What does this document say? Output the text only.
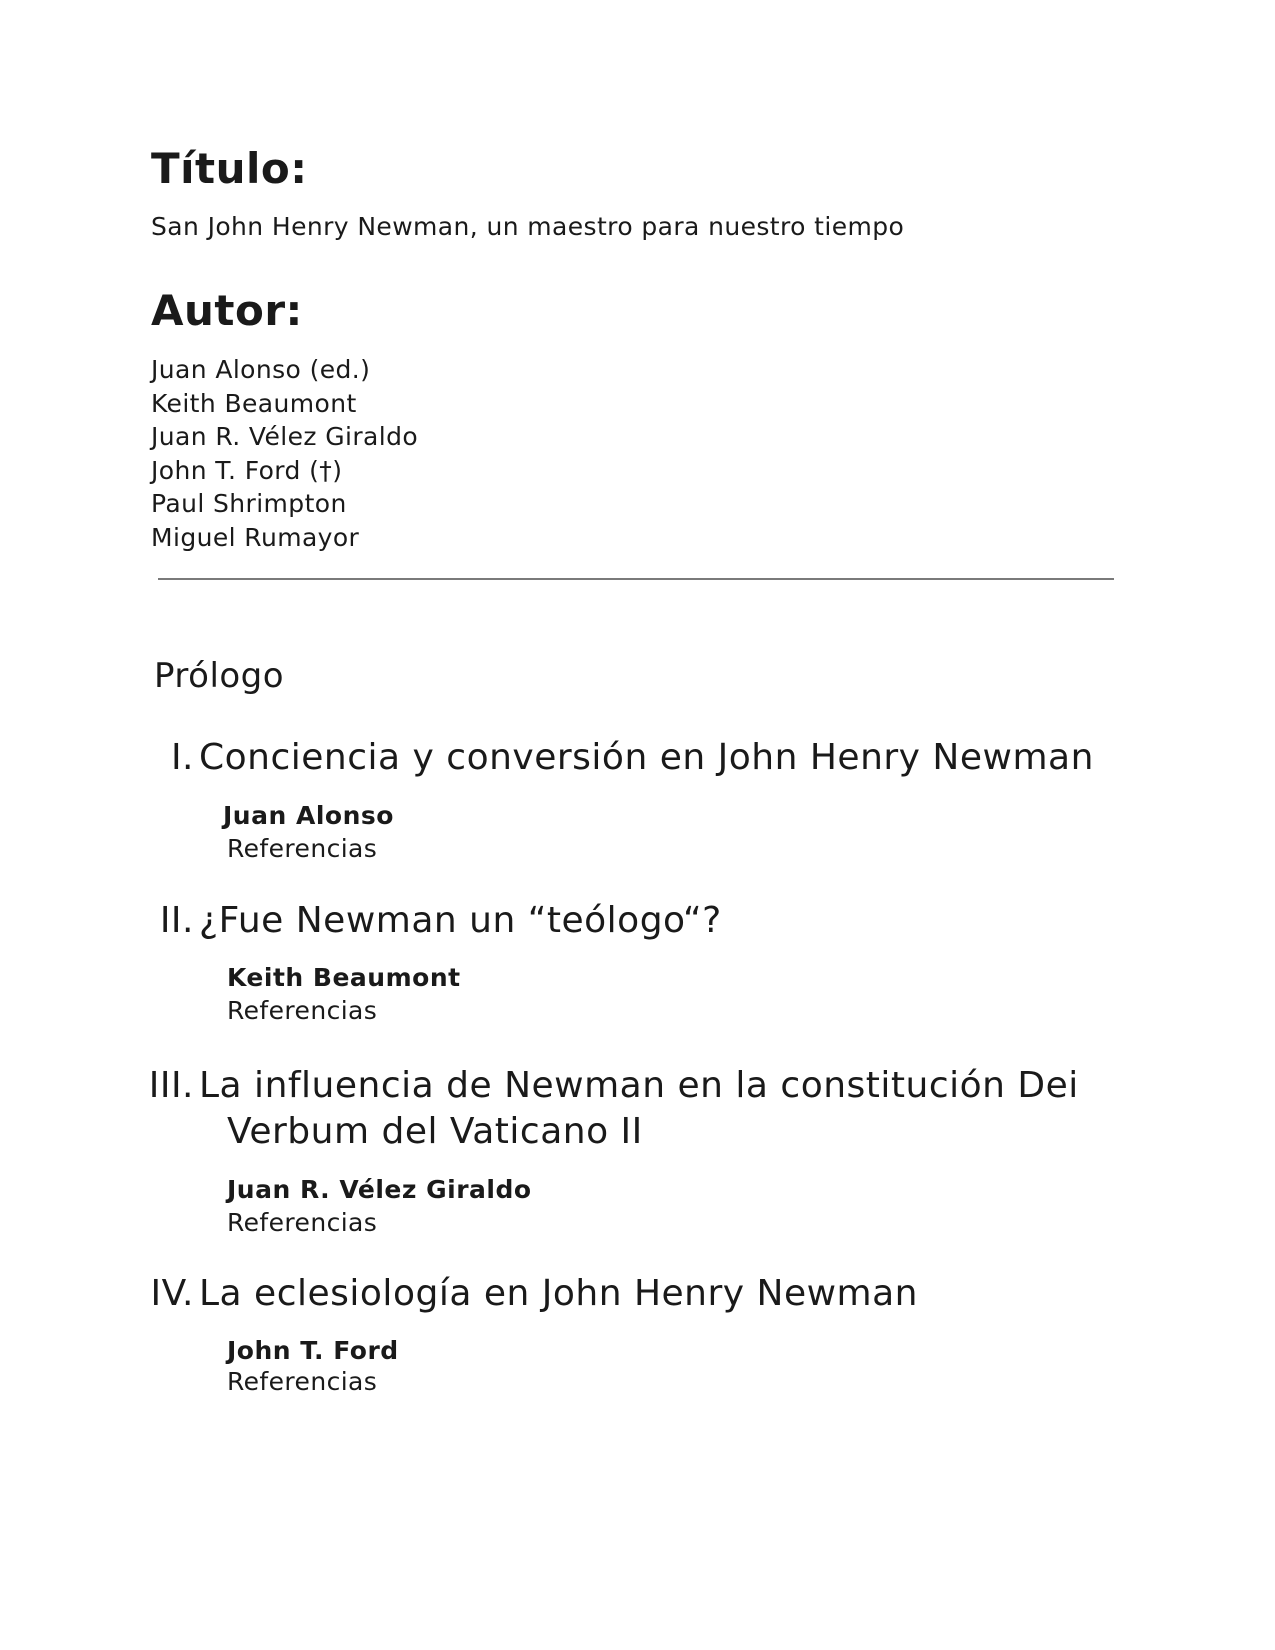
Título:
San John Henry Newman, un maestro para nuestro tiempo
Autor:
Juan Alonso (ed.)
Keith Beaumont
Juan R. Vélez Giraldo
John T. Ford (†)
Paul Shrimpton
Miguel Rumayor
Prólogo
I. Conciencia y conversión en John Henry Newman
Juan Alonso
Referencias
II. ¿Fue Newman un “teólogo“?
Keith Beaumont
Referencias
III. La influencia de Newman en la constitución Dei
Verbum del Vaticano II
Juan R. Vélez Giraldo
Referencias
IV. La eclesiología en John Henry Newman
John T. Ford
Referencias
